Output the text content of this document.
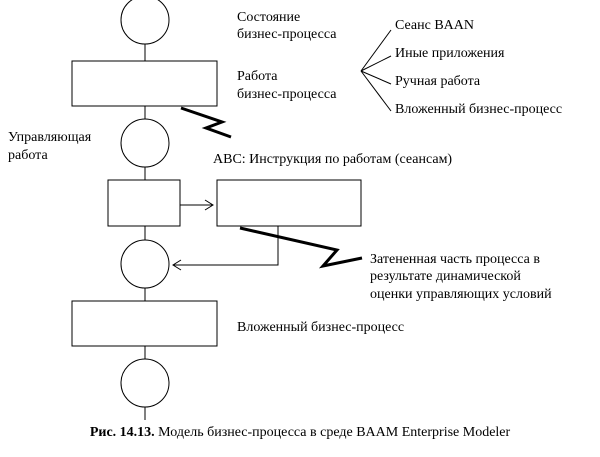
Состояние бизнес-процесса
Работа бизнес-процесса
Управляющая работа
Сеанс BAAN Иные приложения Ручная работа Вложенный бизнес-процесс
АВС: Инструкция по работам (сеансам)
Затененная часть процесса в результате динамической оценки управляющих условий
Вложенный бизнес-процесс
Рис. 14.13. Модель бизнес-процесса в среде BAAM Enterprise Modeler
